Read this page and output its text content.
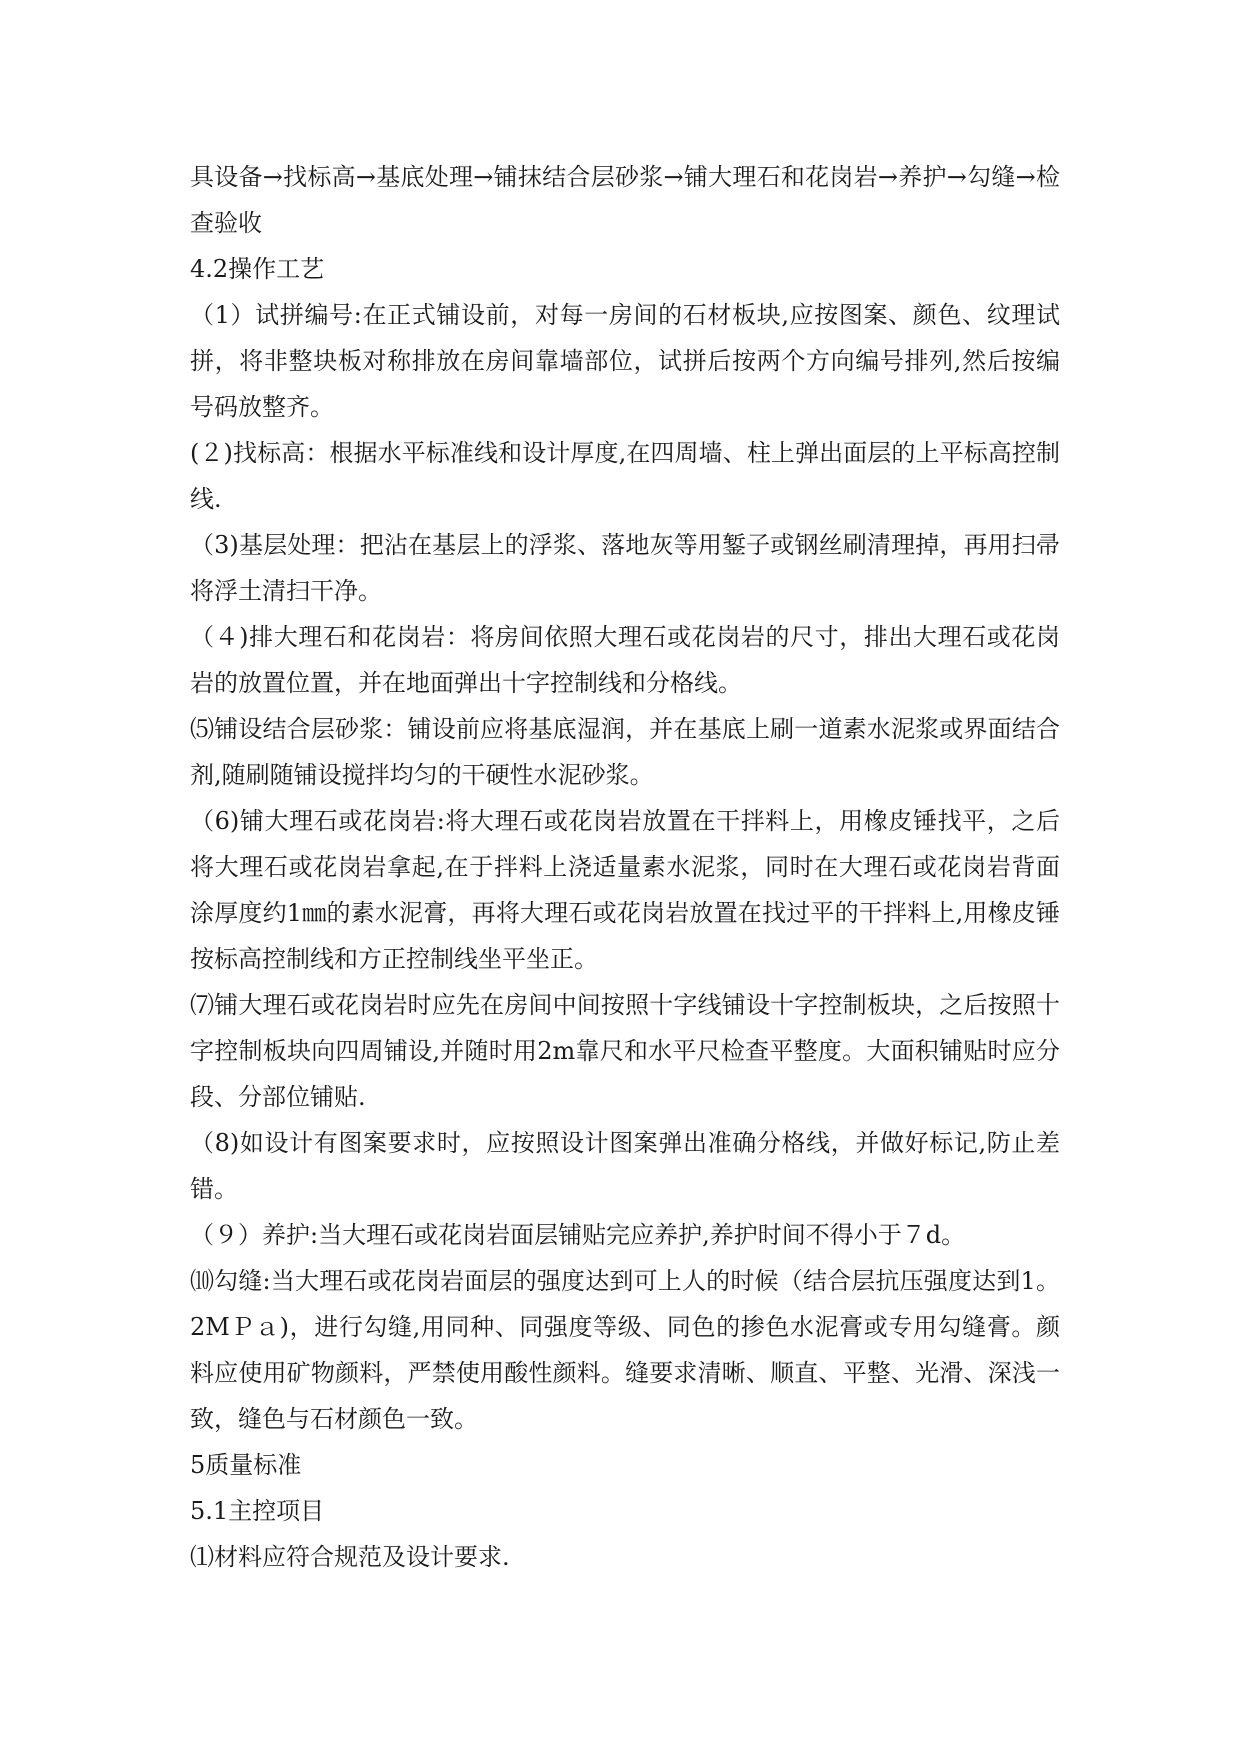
具设备→找标高→基底处理→铺抹结合层砂浆→铺大理石和花岗岩→养护→勾缝→检查验收

4.2操作工艺

（1）试拼编号:在正式铺设前，对每一房间的石材板块,应按图案、颜色、纹理试拼，将非整块板对称排放在房间靠墙部位，试拼后按两个方向编号排列,然后按编号码放整齐。

(２)找标高：根据水平标准线和设计厚度,在四周墙、柱上弹出面层的上平标高控制线.

（3)基层处理：把沾在基层上的浮浆、落地灰等用錾子或钢丝刷清理掉，再用扫帚将浮土清扫干净。

（４)排大理石和花岗岩：将房间依照大理石或花岗岩的尺寸，排出大理石或花岗岩的放置位置，并在地面弹出十字控制线和分格线。

⑸铺设结合层砂浆：铺设前应将基底湿润，并在基底上刷一道素水泥浆或界面结合剂,随刷随铺设搅拌均匀的干硬性水泥砂浆。

（6)铺大理石或花岗岩:将大理石或花岗岩放置在干拌料上，用橡皮锤找平，之后将大理石或花岗岩拿起,在于拌料上浇适量素水泥浆，同时在大理石或花岗岩背面涂厚度约1㎜的素水泥膏，再将大理石或花岗岩放置在找过平的干拌料上,用橡皮锤按标高控制线和方正控制线坐平坐正。

⑺铺大理石或花岗岩时应先在房间中间按照十字线铺设十字控制板块，之后按照十字控制板块向四周铺设,并随时用2m靠尺和水平尺检查平整度。大面积铺贴时应分段、分部位铺贴.

（8)如设计有图案要求时，应按照设计图案弹出准确分格线，并做好标记,防止差错。

（９）养护:当大理石或花岗岩面层铺贴完应养护,养护时间不得小于７d。

⑽勾缝:当大理石或花岗岩面层的强度达到可上人的时候（结合层抗压强度达到1。2MＰａ)，进行勾缝,用同种、同强度等级、同色的掺色水泥膏或专用勾缝膏。颜料应使用矿物颜料，严禁使用酸性颜料。缝要求清晰、顺直、平整、光滑、深浅一致，缝色与石材颜色一致。

5质量标准

5.1主控项目

⑴材料应符合规范及设计要求.
